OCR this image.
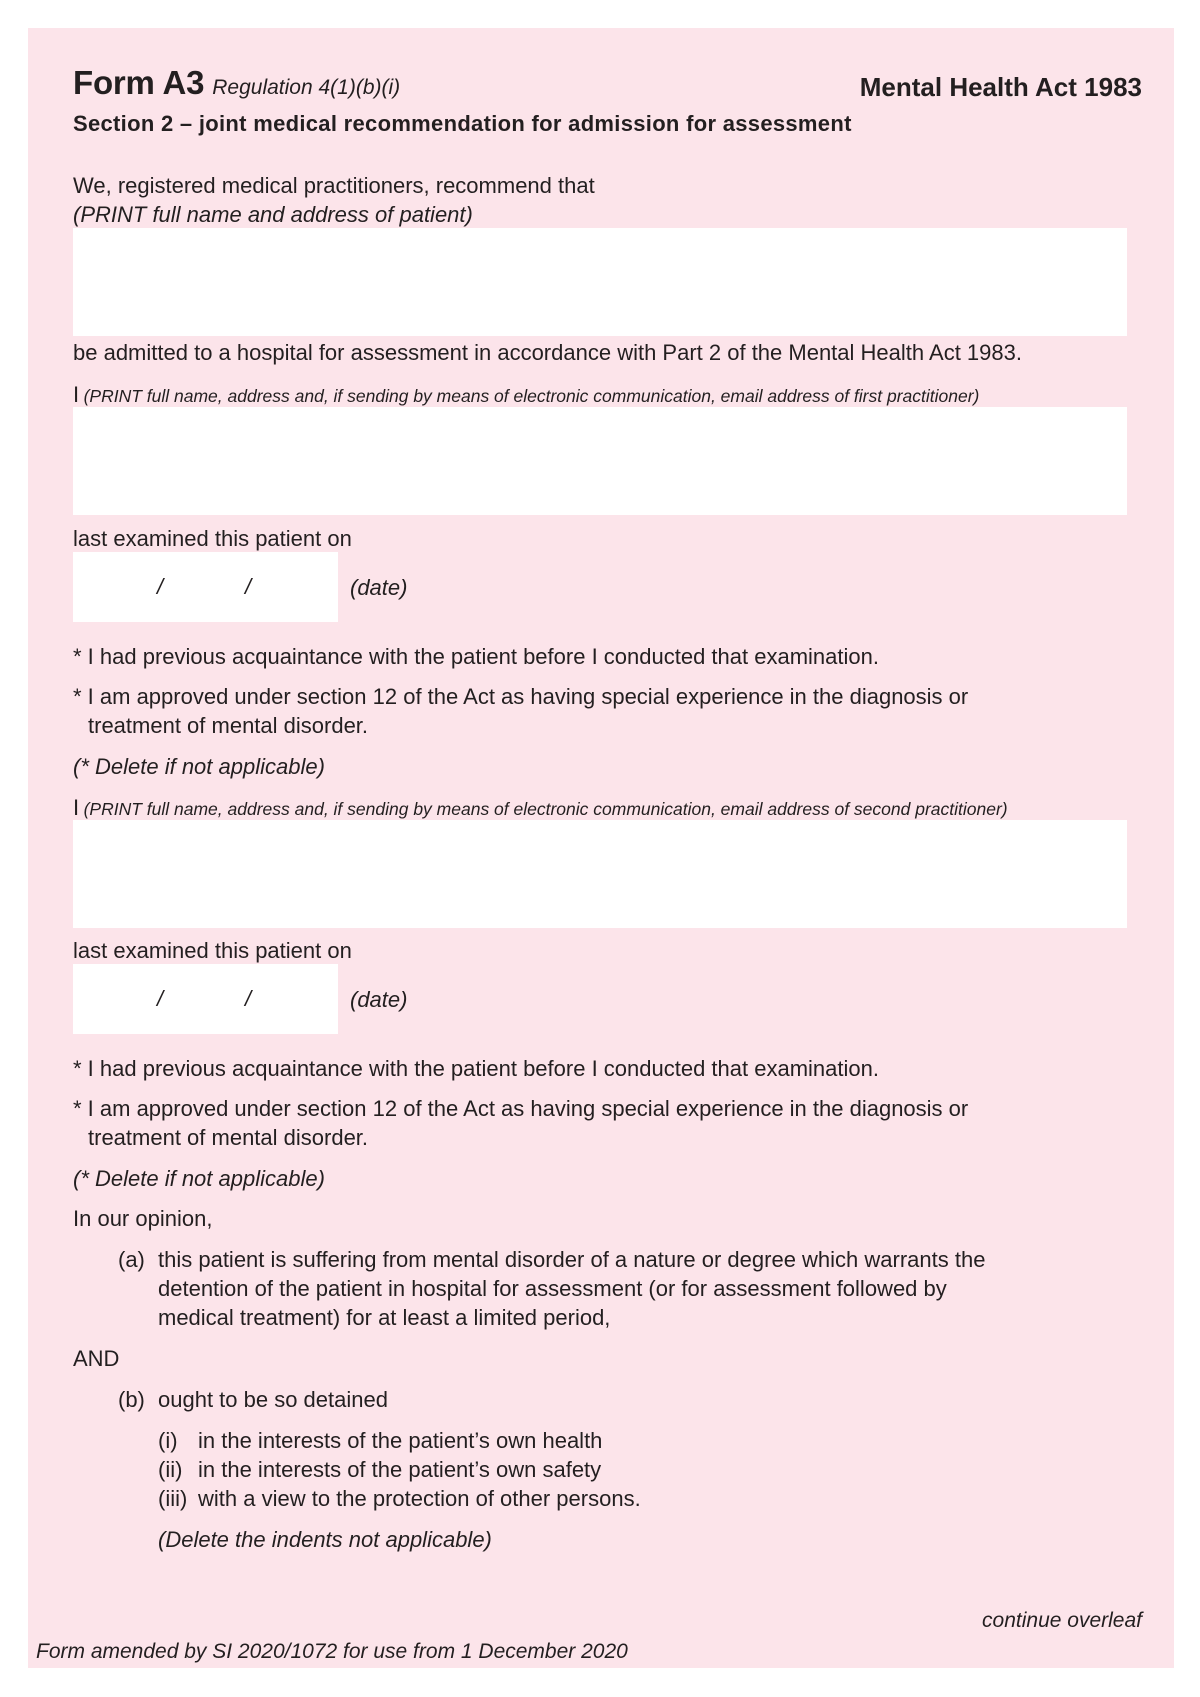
Form A3 Regulation 4(1)(b)(i)	Mental Health Act 1983
Section 2 – joint medical recommendation for admission for assessment
We, registered medical practitioners, recommend that
(PRINT full name and address of patient)
be admitted to a hospital for assessment in accordance with Part 2 of the Mental Health Act 1983.
I (PRINT full name, address and, if sending by means of electronic communication, email address of first practitioner)
last examined this patient on
/	/	(date)
* I had previous acquaintance with the patient before I conducted that examination.
* I am approved under section 12 of the Act as having special experience in the diagnosis or
treatment of mental disorder.
(* Delete if not applicable)
I (PRINT full name, address and, if sending by means of electronic communication, email address of second practitioner)
last examined this patient on
/	/	(date)
* I had previous acquaintance with the patient before I conducted that examination.
* I am approved under section 12 of the Act as having special experience in the diagnosis or
treatment of mental disorder.
(* Delete if not applicable)
In our opinion,
(a) this patient is suffering from mental disorder of a nature or degree which warrants the
detention of the patient in hospital for assessment (or for assessment followed by
medical treatment) for at least a limited period,
AND
(b) ought to be so detained
(i) in the interests of the patient’s own health
(ii) in the interests of the patient’s own safety
(iii) with a view to the protection of other persons.
(Delete the indents not applicable)
continue overleaf
Form amended by SI 2020/1072 for use from 1 December 2020
